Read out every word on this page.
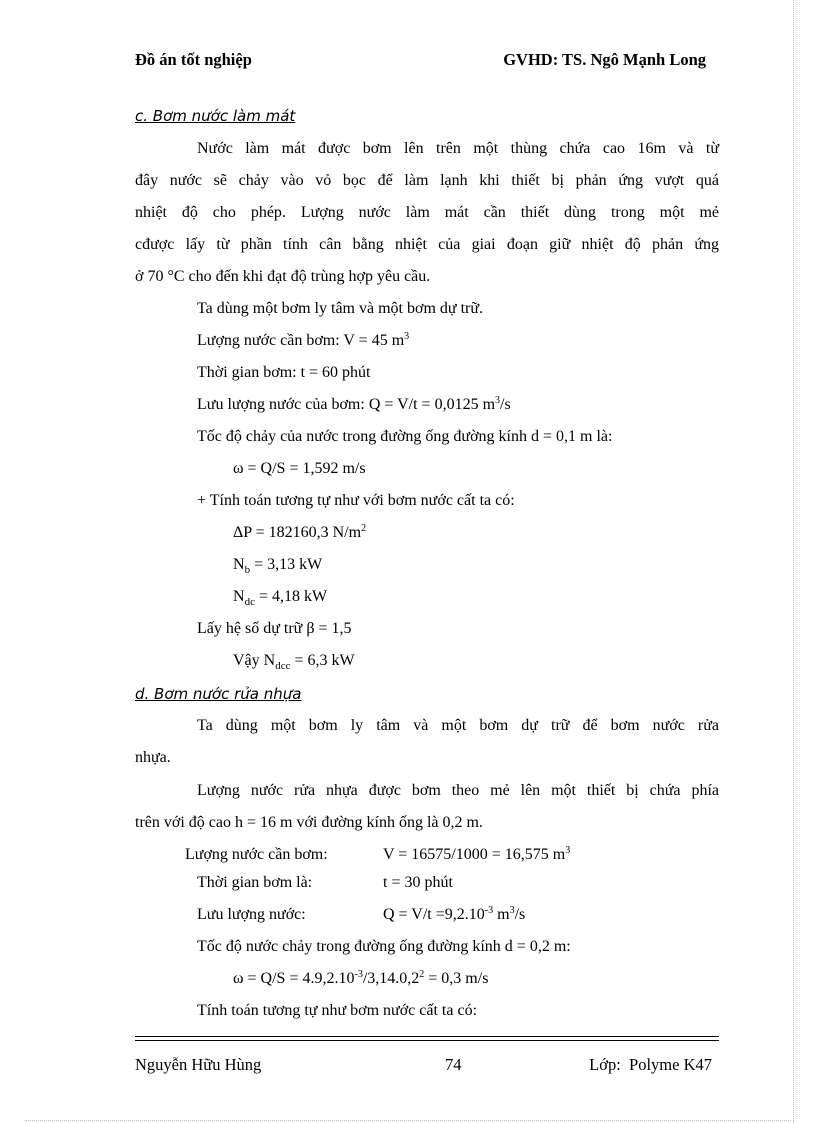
Đồ án tốt nghiệp	GVHD: TS. Ngô Mạnh Long
c. Bơm nước làm mát
Nước làm mát được bơm lên trên một thùng chứa cao 16m và từ
đây nước sẽ chảy vào vỏ bọc để làm lạnh khi thiết bị phản ứng vượt quá
nhiệt độ cho phép. Lượng nước làm mát cần thiết dùng trong một mẻ
cđược lấy từ phần tính cân bằng nhiệt của giai đoạn giữ nhiệt độ phản ứng
ở 70 °C cho đến khi đạt độ trùng hợp yêu cầu.
Ta dùng một bơm ly tâm và một bơm dự trữ.
Lượng nước cần bơm: V = 45 $m^3$
Thời gian bơm: t = 60 phút
Lưu lượng nước của bơm: Q = V/t = 0,0125 $m^3/s$
Tốc độ chảy của nước trong đường ống đường kính d = 0,1 m là:
ω = Q/S = 1,592 m/s
+ Tính toán tương tự như với bơm nước cất ta có:
ΔP = 182160,3 $N/m^2$
$N_b = 3,13$ kW
$N_{dc} = 4,18$ kW
Lấy hệ số dự trữ β = 1,5
Vậy $N_{dcc} = 6,3$ kW
d. Bơm nước rửa nhựa
Ta dùng một bơm ly tâm và một bơm dự trữ để bơm nước rửa
nhựa.
Lượng nước rửa nhựa được bơm theo mẻ lên một thiết bị chứa phía
trên với độ cao h = 16 m với đường kính ống là 0,2 m.
Lượng nước cần bơm:	V = 16575/1000 = 16,575 $m^3$
Thời gian bơm là:	t = 30 phút
Lưu lượng nước:	$Q = V/t =9,2.10^{-3}$ $m^3/s$
Tốc độ nước chảy trong đường ống đường kính d = 0,2 m:
$\omega = Q/S = 4.9,2.10^{-3}/3,14.0,2^2 = 0,3$ m/s
Tính toán tương tự như bơm nước cất ta có:
Nguyễn Hữu Hùng	74	Lớp:  Polyme K47
